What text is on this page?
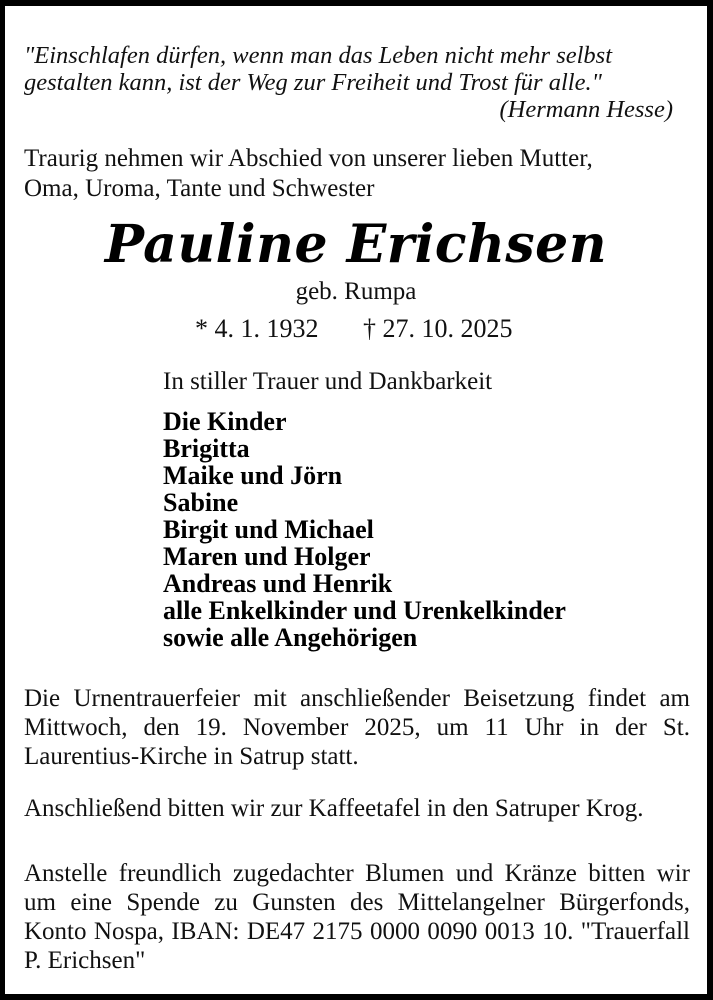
"Einschlafen dürfen, wenn man das Leben nicht mehr selbst
gestalten kann, ist der Weg zur Freiheit und Trost für alle."
(Hermann Hesse)
Traurig nehmen wir Abschied von unserer lieben Mutter,
Oma, Uroma, Tante und Schwester
Pauline Erichsen
geb. Rumpa
* 4. 1. 1932 † 27. 10. 2025
In stiller Trauer und Dankbarkeit
Die Kinder
Brigitta
Maike und Jörn
Sabine
Birgit und Michael
Maren und Holger
Andreas und Henrik
alle Enkelkinder und Urenkelkinder
sowie alle Angehörigen
Die Urnentrauerfeier mit anschließender Beisetzung findet am Mittwoch, den 19. November 2025, um 11 Uhr in der St. Laurentius-Kirche in Satrup statt.
Anschließend bitten wir zur Kaffeetafel in den Satruper Krog.
Anstelle freundlich zugedachter Blumen und Kränze bitten wir um eine Spende zu Gunsten des Mittelangelner Bürgerfonds, Konto Nospa, IBAN: DE47 2175 0000 0090 0013 10. "Trauerfall P. Erichsen"
